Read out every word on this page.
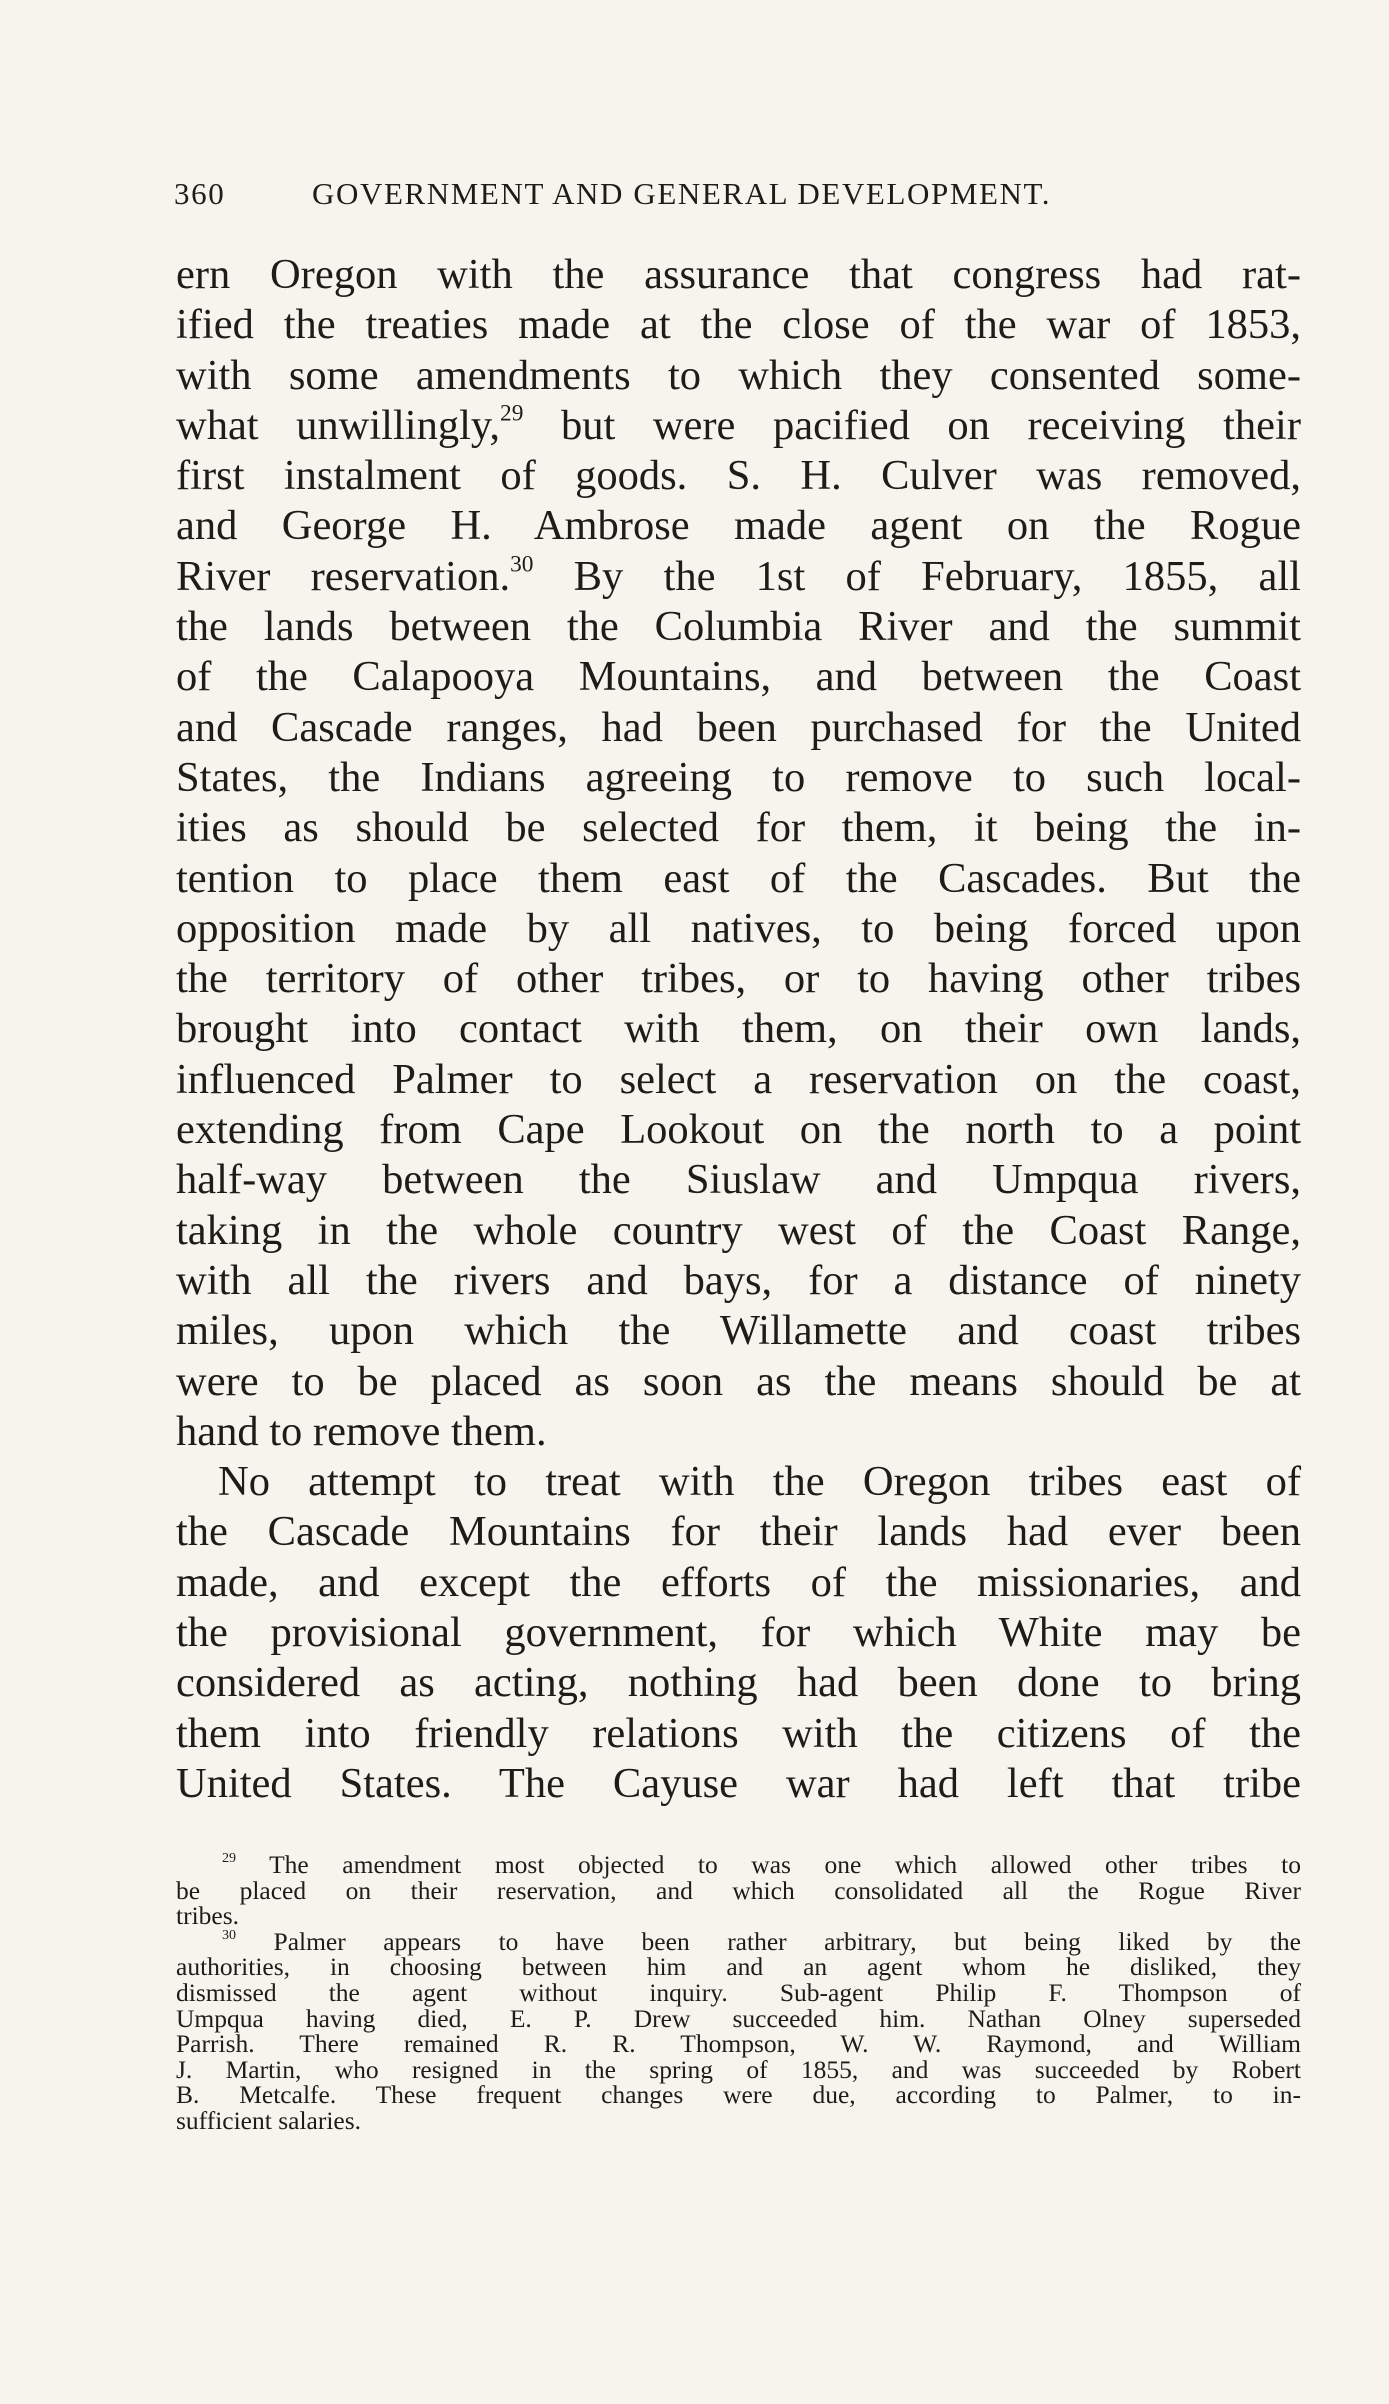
360	GOVERNMENT AND GENERAL DEVELOPMENT.
ern Oregon with the assurance that congress had rat-
ified the treaties made at the close of the war of 1853,
with some amendments to which they consented some-
what unwillingly,$^{29}$ but were pacified on receiving their
first instalment of goods. S. H. Culver was removed,
and George H. Ambrose made agent on the Rogue
River reservation.$^{30}$ By the 1st of February, 1855, all
the lands between the Columbia River and the summit
of the Calapooya Mountains, and between the Coast
and Cascade ranges, had been purchased for the United
States, the Indians agreeing to remove to such local-
ities as should be selected for them, it being the in-
tention to place them east of the Cascades. But the
opposition made by all natives, to being forced upon
the territory of other tribes, or to having other tribes
brought into contact with them, on their own lands,
influenced Palmer to select a reservation on the coast,
extending from Cape Lookout on the north to a point
half-way between the Siuslaw and Umpqua rivers,
taking in the whole country west of the Coast Range,
with all the rivers and bays, for a distance of ninety
miles, upon which the Willamette and coast tribes
were to be placed as soon as the means should be at
hand to remove them.
No attempt to treat with the Oregon tribes east of
the Cascade Mountains for their lands had ever been
made, and except the efforts of the missionaries, and
the provisional government, for which White may be
considered as acting, nothing had been done to bring
them into friendly relations with the citizens of the
United States. The Cayuse war had left that tribe
$^{29}$ The amendment most objected to was one which allowed other tribes to
be placed on their reservation, and which consolidated all the Rogue River
tribes.
$^{30}$ Palmer appears to have been rather arbitrary, but being liked by the
authorities, in choosing between him and an agent whom he disliked, they
dismissed the agent without inquiry. Sub-agent Philip F. Thompson of
Umpqua having died, E. P. Drew succeeded him. Nathan Olney superseded
Parrish. There remained R. R. Thompson, W. W. Raymond, and William
J. Martin, who resigned in the spring of 1855, and was succeeded by Robert
B. Metcalfe. These frequent changes were due, according to Palmer, to in-
sufficient salaries.
